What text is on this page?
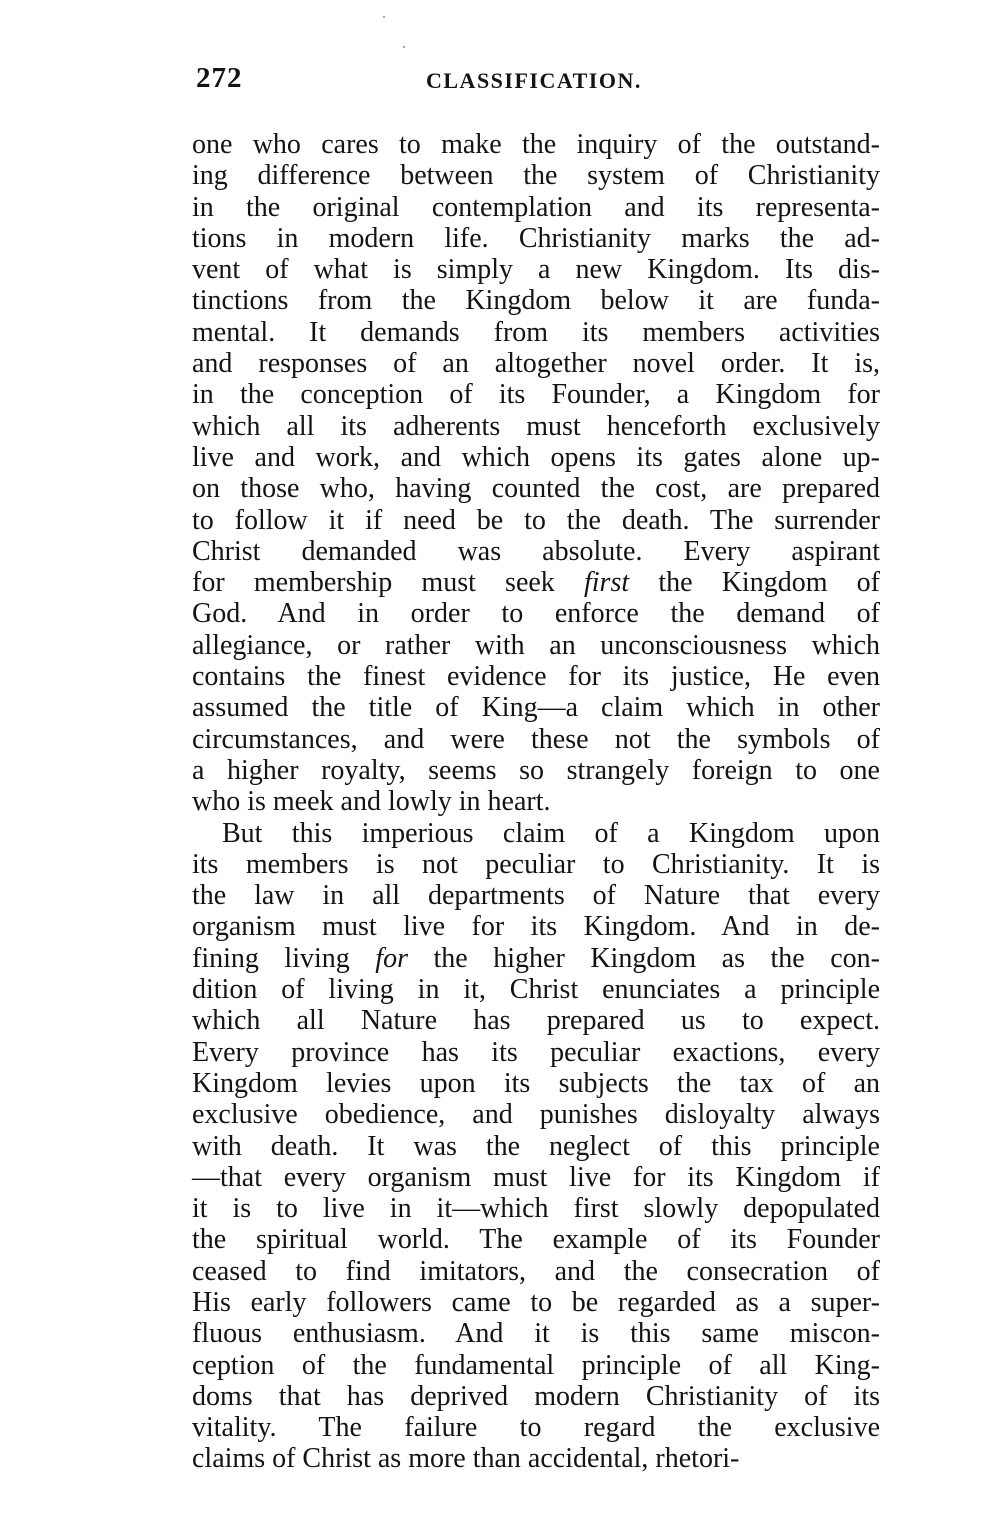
272	CLASSIFICATION.
one who cares to make the inquiry of the outstand-
ing difference between the system of Christianity
in the original contemplation and its representa-
tions in modern life. Christianity marks the ad-
vent of what is simply a new Kingdom. Its dis-
tinctions from the Kingdom below it are funda-
mental. It demands from its members activities
and responses of an altogether novel order. It is,
in the conception of its Founder, a Kingdom for
which all its adherents must henceforth exclusively
live and work, and which opens its gates alone up-
on those who, having counted the cost, are prepared
to follow it if need be to the death. The surrender
Christ demanded was absolute. Every aspirant
for membership must seek first the Kingdom of
God. And in order to enforce the demand of
allegiance, or rather with an unconsciousness which
contains the finest evidence for its justice, He even
assumed the title of King—a claim which in other
circumstances, and were these not the symbols of
a higher royalty, seems so strangely foreign to one
who is meek and lowly in heart.
But this imperious claim of a Kingdom upon
its members is not peculiar to Christianity. It is
the law in all departments of Nature that every
organism must live for its Kingdom. And in de-
fining living for the higher Kingdom as the con-
dition of living in it, Christ enunciates a principle
which all Nature has prepared us to expect.
Every province has its peculiar exactions, every
Kingdom levies upon its subjects the tax of an
exclusive obedience, and punishes disloyalty always
with death. It was the neglect of this principle
—that every organism must live for its Kingdom if
it is to live in it—which first slowly depopulated
the spiritual world. The example of its Founder
ceased to find imitators, and the consecration of
His early followers came to be regarded as a super-
fluous enthusiasm. And it is this same miscon-
ception of the fundamental principle of all King-
doms that has deprived modern Christianity of its
vitality. The failure to regard the exclusive
claims of Christ as more than accidental, rhetori-
